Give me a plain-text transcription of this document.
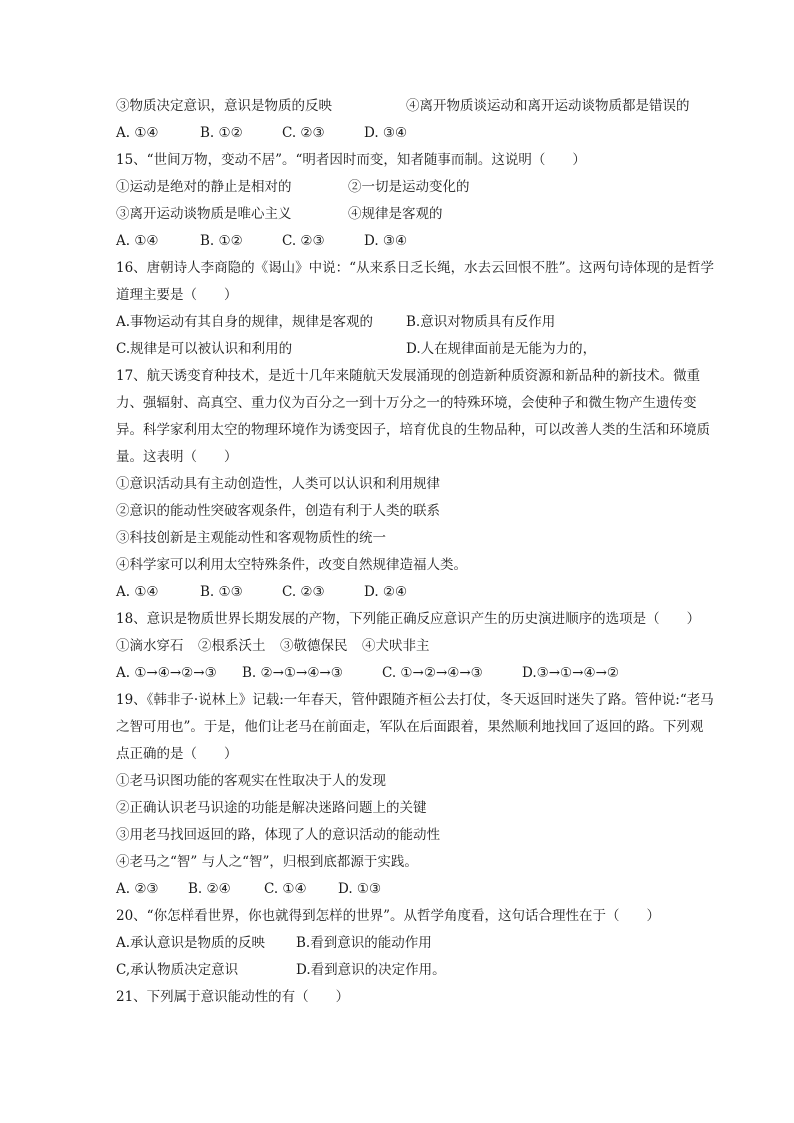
③物质决定意识，意识是物质的反映	④离开物质谈运动和离开运动谈物质都是错误的
A. ①④	B. ①②	C. ②③	D. ③④
15、“世间万物，变动不居”。“明者因时而变，知者随事而制。这说明（　　）
①运动是绝对的静止是相对的	②一切是运动变化的
③离开运动谈物质是唯心主义	④规律是客观的
A. ①④	B. ①②	C. ②③	D. ③④
16、唐朝诗人李商隐的《谒山》中说：“从来系日乏长绳，水去云回恨不胜”。这两句诗体现的是哲学道理主要是（　　）
A.事物运动有其自身的规律，规律是客观的	B.意识对物质具有反作用
C.规律是可以被认识和利用的	D.人在规律面前是无能为力的，
17、航天诱变育种技术，是近十几年来随航天发展涌现的创造新种质资源和新品种的新技术。微重力、强辐射、高真空、重力仪为百分之一到十万分之一的特殊环境，会使种子和微生物产生遗传变异。科学家利用太空的物理环境作为诱变因子，培育优良的生物品种，可以改善人类的生活和环境质量。这表明（　　）
①意识活动具有主动创造性，人类可以认识和利用规律
②意识的能动性突破客观条件，创造有利于人类的联系
③科技创新是主观能动性和客观物质性的统一
④科学家可以利用太空特殊条件，改变自然规律造福人类。
A. ①④	B. ①③	C. ②③	D. ②④
18、意识是物质世界长期发展的产物，下列能正确反应意识产生的历史演进顺序的选项是（　　）
①滴水穿石	②根系沃土	③敬德保民	④犬吠非主
A. ①→④→②→③	B. ②→①→④→③	C. ①→②→④→③	D.③→①→④→②
19、《韩非子·说林上》记载:一年春天，管仲跟随齐桓公去打仗，冬天返回时迷失了路。管仲说:“老马之智可用也”。于是，他们让老马在前面走，军队在后面跟着，果然顺利地找回了返回的路。下列观点正确的是（　　）
①老马识图功能的客观实在性取决于人的发现
②正确认识老马识途的功能是解决迷路问题上的关键
③用老马找回返回的路，体现了人的意识活动的能动性
④老马之“智” 与人之“智”，归根到底都源于实践。
A. ②③	B. ②④	C. ①④	D. ①③
20、“你怎样看世界，你也就得到怎样的世界”。从哲学角度看，这句话合理性在于（　　）
A.承认意识是物质的反映	B.看到意识的能动作用
C,承认物质决定意识	D.看到意识的决定作用。
21、下列属于意识能动性的有（　　）
